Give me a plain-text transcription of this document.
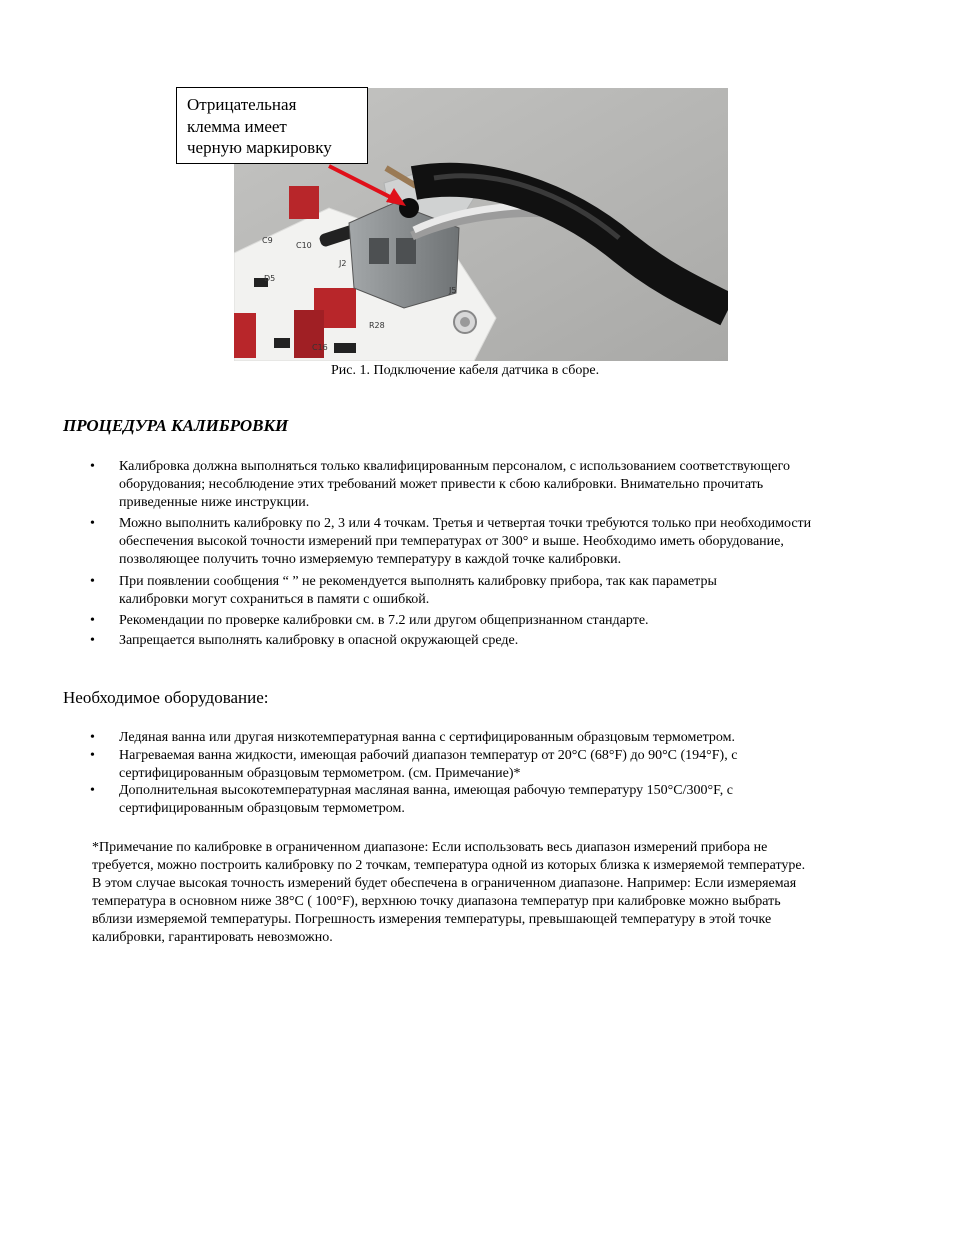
C9
D5
C10
J2
R28
C16
J5
Отрицательная
клемма имеет
черную маркировку
Рис. 1. Подключение кабеля датчика в сборе.
ПРОЦЕДУРА КАЛИБРОВКИ
• Калибровка должна выполняться только квалифицированным персоналом, с использованием соответствующего
оборудования; несоблюдение этих требований может привести к сбою калибровки. Внимательно прочитать
приведенные ниже инструкции.
• Можно выполнить калибровку по 2, 3 или 4 точкам. Третья и четвертая точки требуются только при необходимости
обеспечения высокой точности измерений при температурах от 300° и выше. Необходимо иметь оборудование,
позволяющее получить точно измеряемую температуру в каждой точке калибровки.
• При появлении сообщения “ ” не рекомендуется выполнять калибровку прибора, так как параметры
калибровки могут сохраниться в памяти с ошибкой.
• Рекомендации по проверке калибровки см. в 7.2 или другом общепризнанном стандарте.
• Запрещается выполнять калибровку в опасной окружающей среде.
Необходимое оборудование:
• Ледяная ванна или другая низкотемпературная ванна с сертифицированным образцовым термометром.
• Нагреваемая ванна жидкости, имеющая рабочий диапазон температур от 20°C (68°F) до 90°C (194°F), с
сертифицированным образцовым термометром. (см. Примечание)*
• Дополнительная высокотемпературная масляная ванна, имеющая рабочую температуру 150°C/300°F, с
сертифицированным образцовым термометром.
*Примечание по калибровке в ограниченном диапазоне: Если использовать весь диапазон измерений прибора не
требуется, можно построить калибровку по 2 точкам, температура одной из которых близка к измеряемой температуре.
В этом случае высокая точность измерений будет обеспечена в ограниченном диапазоне. Например: Если измеряемая
температура в основном ниже 38°C ( 100°F), верхнюю точку диапазона температур при калибровке можно выбрать
вблизи измеряемой температуры. Погрешность измерения температуры, превышающей температуру в этой точке
калибровки, гарантировать невозможно.
